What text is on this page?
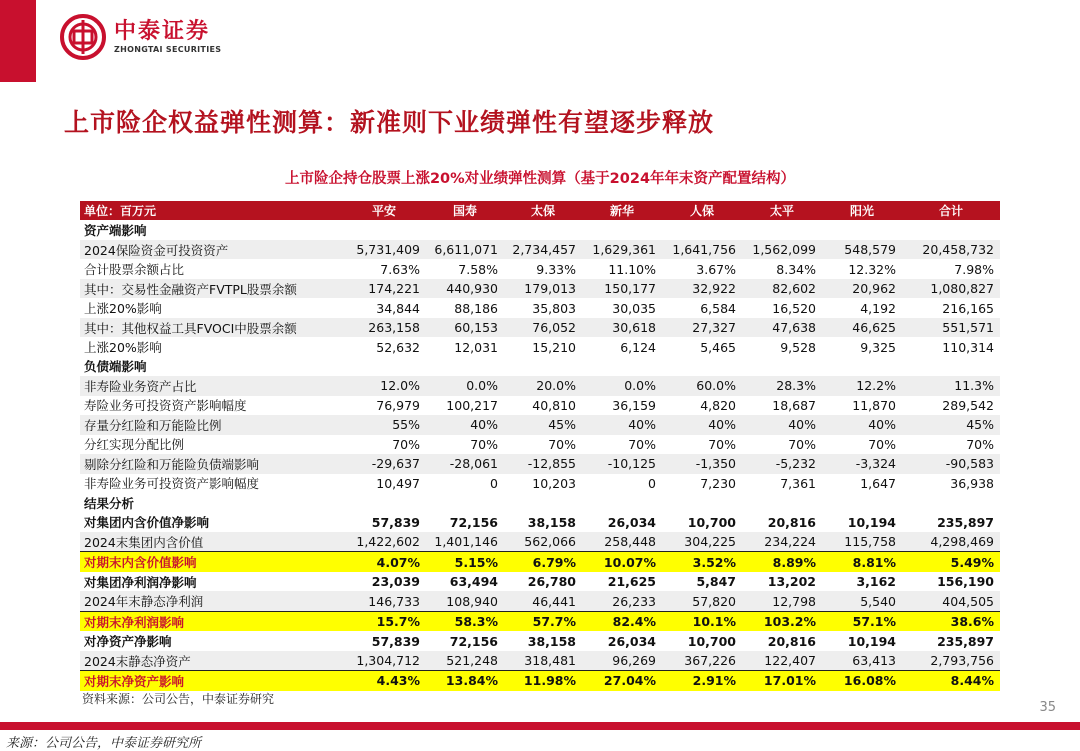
中泰证券
ZHONGTAI SECURITIES
上市险企权益弹性测算：新准则下业绩弹性有望逐步释放
上市险企持仓股票上涨20%对业绩弹性测算（基于2024年年末资产配置结构）
单位：百万元	平安	国寿	太保	新华	人保	太平	阳光	合计
资产端影响								
2024保险资金可投资资产	5,731,409	6,611,071	2,734,457	1,629,361	1,641,756	1,562,099	548,579	20,458,732
合计股票余额占比	7.63%	7.58%	9.33%	11.10%	3.67%	8.34%	12.32%	7.98%
其中：交易性金融资产FVTPL股票余额	174,221	440,930	179,013	150,177	32,922	82,602	20,962	1,080,827
上涨20%影响	34,844	88,186	35,803	30,035	6,584	16,520	4,192	216,165
其中：其他权益工具FVOCI中股票余额	263,158	60,153	76,052	30,618	27,327	47,638	46,625	551,571
上涨20%影响	52,632	12,031	15,210	6,124	5,465	9,528	9,325	110,314
负债端影响								
非寿险业务资产占比	12.0%	0.0%	20.0%	0.0%	60.0%	28.3%	12.2%	11.3%
寿险业务可投资资产影响幅度	76,979	100,217	40,810	36,159	4,820	18,687	11,870	289,542
存量分红险和万能险比例	55%	40%	45%	40%	40%	40%	40%	45%
分红实现分配比例	70%	70%	70%	70%	70%	70%	70%	70%
剔除分红险和万能险负债端影响	-29,637	-28,061	-12,855	-10,125	-1,350	-5,232	-3,324	-90,583
非寿险业务可投资资产影响幅度	10,497	0	10,203	0	7,230	7,361	1,647	36,938
结果分析								
对集团内含价值净影响	57,839	72,156	38,158	26,034	10,700	20,816	10,194	235,897
2024末集团内含价值	1,422,602	1,401,146	562,066	258,448	304,225	234,224	115,758	4,298,469
对期末内含价值影响	4.07%	5.15%	6.79%	10.07%	3.52%	8.89%	8.81%	5.49%
对集团净利润净影响	23,039	63,494	26,780	21,625	5,847	13,202	3,162	156,190
2024年末静态净利润	146,733	108,940	46,441	26,233	57,820	12,798	5,540	404,505
对期末净利润影响	15.7%	58.3%	57.7%	82.4%	10.1%	103.2%	57.1%	38.6%
对净资产净影响	57,839	72,156	38,158	26,034	10,700	20,816	10,194	235,897
2024末静态净资产	1,304,712	521,248	318,481	96,269	367,226	122,407	63,413	2,793,756
对期末净资产影响	4.43%	13.84%	11.98%	27.04%	2.91%	17.01%	16.08%	8.44%
资料来源：公司公告，中泰证券研究
35
来源：公司公告，中泰证券研究所
